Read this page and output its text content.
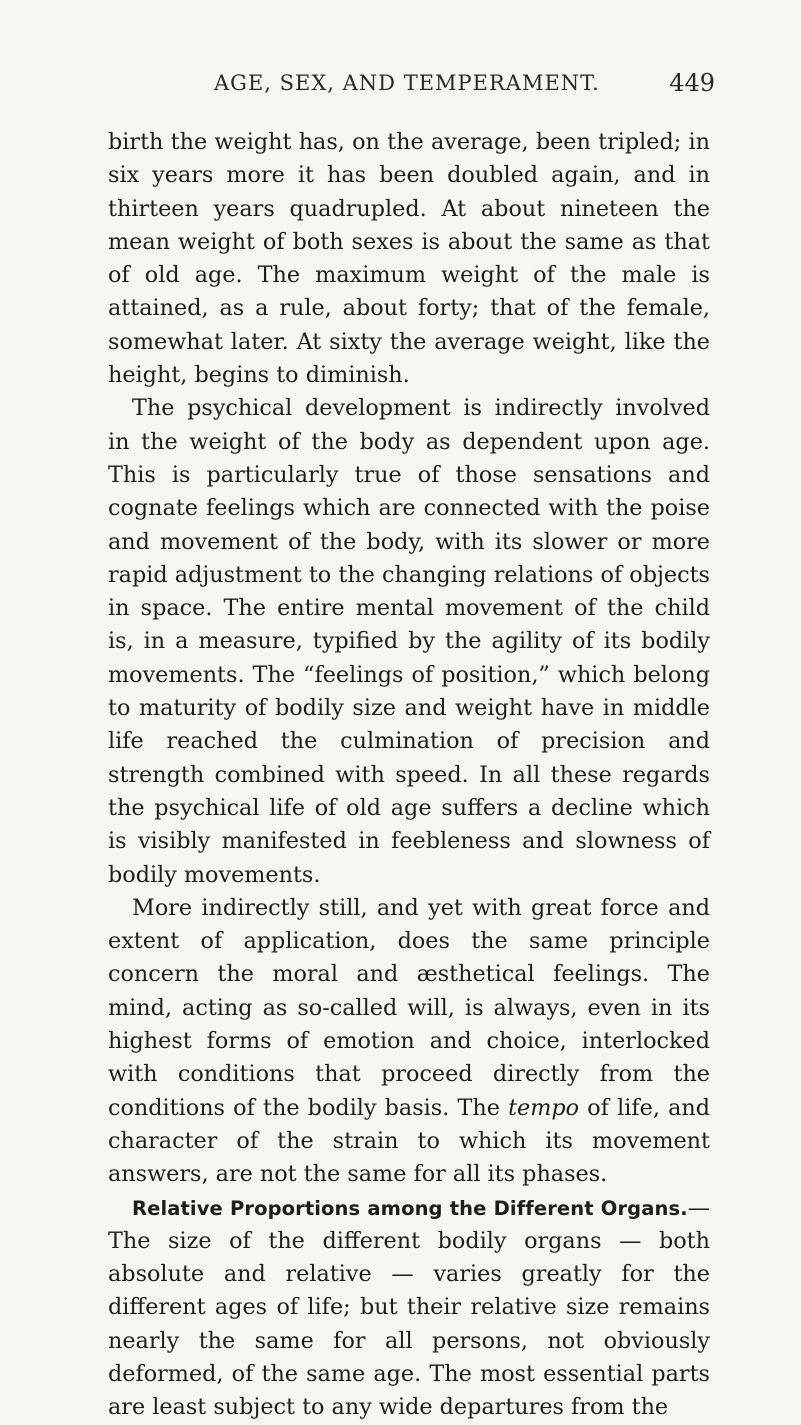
AGE, SEX, AND TEMPERAMENT.	449

birth the weight has, on the average, been tripled; in six years more it has been doubled again, and in thirteen years quadrupled. At about nineteen the mean weight of both sexes is about the same as that of old age. The maximum weight of the male is attained, as a rule, about forty; that of the female, somewhat later. At sixty the average weight, like the height, begins to diminish.

The psychical development is indirectly involved in the weight of the body as dependent upon age. This is particularly true of those sensations and cognate feelings which are connected with the poise and movement of the body, with its slower or more rapid adjustment to the changing relations of objects in space. The entire mental movement of the child is, in a measure, typified by the agility of its bodily movements. The “feelings of position,” which belong to maturity of bodily size and weight have in middle life reached the culmination of precision and strength combined with speed. In all these regards the psychical life of old age suffers a decline which is visibly manifested in feebleness and slowness of bodily movements.

More indirectly still, and yet with great force and extent of application, does the same principle concern the moral and æsthetical feelings. The mind, acting as so-called will, is always, even in its highest forms of emotion and choice, interlocked with conditions that proceed directly from the conditions of the bodily basis. The tempo of life, and character of the strain to which its movement answers, are not the same for all its phases.

Relative Proportions among the Different Organs.— The size of the different bodily organs — both absolute and relative — varies greatly for the different ages of life; but their relative size remains nearly the same for all persons, not obviously deformed, of the same age. The most essential parts are least subject to any wide departures from the
